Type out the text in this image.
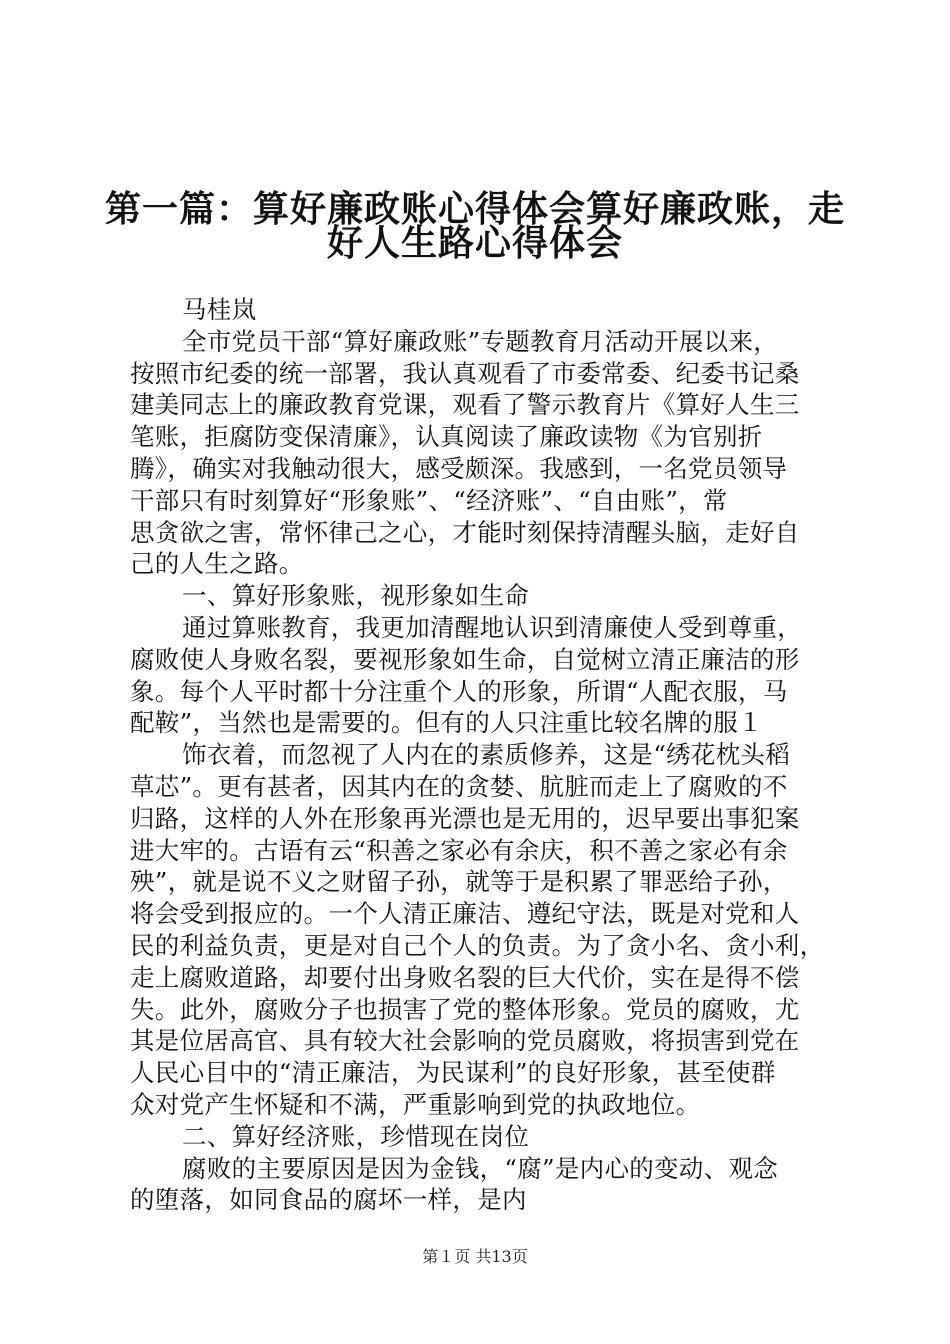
第一篇：算好廉政账心得体会算好廉政账，走
好人生路心得体会
马桂岚
全市党员干部“算好廉政账”专题教育月活动开展以来，
按照市纪委的统一部署，我认真观看了市委常委、纪委书记桑
建美同志上的廉政教育党课，观看了警示教育片《算好人生三
笔账，拒腐防变保清廉》，认真阅读了廉政读物《为官别折
腾》，确实对我触动很大，感受颇深。我感到，一名党员领导
干部只有时刻算好“形象账”、“经济账”、“自由账”，常
思贪欲之害，常怀律己之心，才能时刻保持清醒头脑，走好自
己的人生之路。
一、算好形象账，视形象如生命
通过算账教育，我更加清醒地认识到清廉使人受到尊重，
腐败使人身败名裂，要视形象如生命，自觉树立清正廉洁的形
象。每个人平时都十分注重个人的形象，所谓“人配衣服，马
配鞍”，当然也是需要的。但有的人只注重比较名牌的服１
饰衣着，而忽视了人内在的素质修养，这是“绣花枕头稻
草芯”。更有甚者，因其内在的贪婪、肮脏而走上了腐败的不
归路，这样的人外在形象再光漂也是无用的，迟早要出事犯案
进大牢的。古语有云“积善之家必有余庆，积不善之家必有余
殃”，就是说不义之财留子孙，就等于是积累了罪恶给子孙，
将会受到报应的。一个人清正廉洁、遵纪守法，既是对党和人
民的利益负责，更是对自己个人的负责。为了贪小名、贪小利，
走上腐败道路，却要付出身败名裂的巨大代价，实在是得不偿
失。此外，腐败分子也损害了党的整体形象。党员的腐败，尤
其是位居高官、具有较大社会影响的党员腐败，将损害到党在
人民心目中的“清正廉洁，为民谋利”的良好形象，甚至使群
众对党产生怀疑和不满，严重影响到党的执政地位。
二、算好经济账，珍惜现在岗位
腐败的主要原因是因为金钱，“腐”是内心的变动、观念
的堕落，如同食品的腐坏一样，是内
第１页 共13页
